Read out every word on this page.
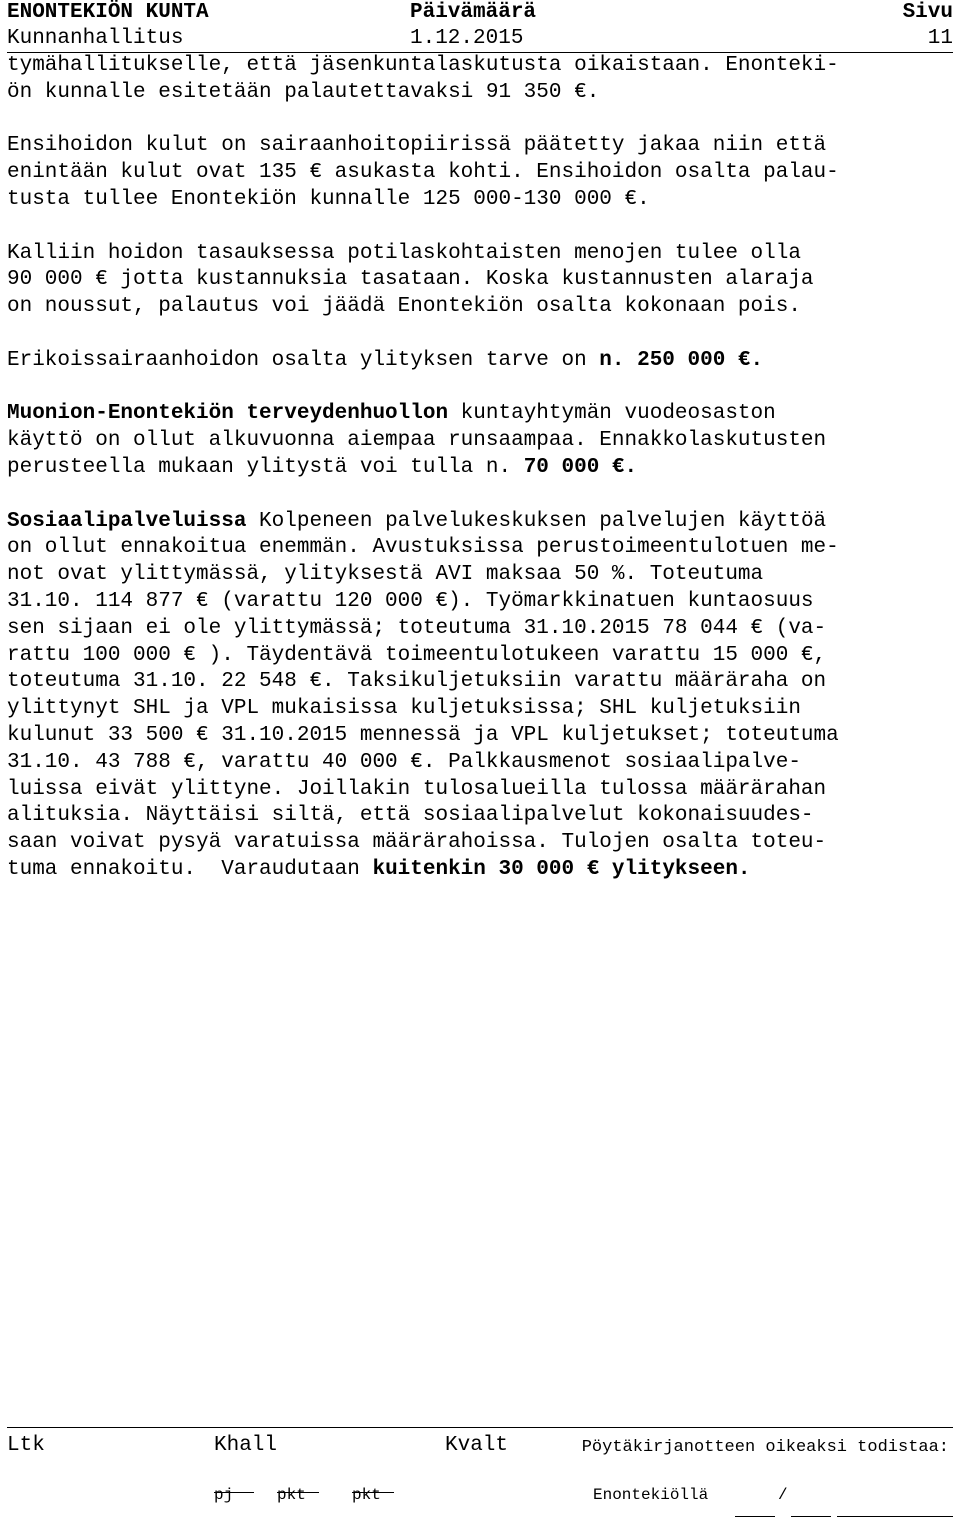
ENONTEKIÖN KUNTA	Päivämäärä	Sivu
Kunnanhallitus	1.12.2015	11
tymähallitukselle, että jäsenkuntalaskutusta oikaistaan. Enonteki-
ön kunnalle esitetään palautettavaksi 91 350 €.
Ensihoidon kulut on sairaanhoitopiirissä päätetty jakaa niin että
enintään kulut ovat 135 € asukasta kohti. Ensihoidon osalta palau-
tusta tullee Enontekiön kunnalle 125 000-130 000 €.
Kalliin hoidon tasauksessa potilaskohtaisten menojen tulee olla
90 000 € jotta kustannuksia tasataan. Koska kustannusten alaraja
on noussut, palautus voi jäädä Enontekiön osalta kokonaan pois.
Erikoissairaanhoidon osalta ylityksen tarve on n. 250 000 €.
Muonion-Enontekiön terveydenhuollon kuntayhtymän vuodeosaston
käyttö on ollut alkuvuonna aiempaa runsaampaa. Ennakkolaskutusten
perusteella mukaan ylitystä voi tulla n. 70 000 €.
Sosiaalipalveluissa Kolpeneen palvelukeskuksen palvelujen käyttöä
on ollut ennakoitua enemmän. Avustuksissa perustoimeentulotuen me-
not ovat ylittymässä, ylityksestä AVI maksaa 50 %. Toteutuma
31.10. 114 877 € (varattu 120 000 €). Työmarkkinatuen kuntaosuus
sen sijaan ei ole ylittymässä; toteutuma 31.10.2015 78 044 € (va-
rattu 100 000 € ). Täydentävä toimeentulotukeen varattu 15 000 €,
toteutuma 31.10. 22 548 €. Taksikuljetuksiin varattu määräraha on
ylittynyt SHL ja VPL mukaisissa kuljetuksissa; SHL kuljetuksiin
kulunut 33 500 € 31.10.2015 mennessä ja VPL kuljetukset; toteutuma
31.10. 43 788 €, varattu 40 000 €. Palkkausmenot sosiaalipalve-
luissa eivät ylittyne. Joillakin tulosalueilla tulossa määrärahan
alituksia. Näyttäisi siltä, että sosiaalipalvelut kokonaisuudes-
saan voivat pysyä varatuissa määrärahoissa. Tulojen osalta toteu-
tuma ennakoitu.  Varaudutaan kuitenkin 30 000 € ylitykseen.
Ltk	Khall	Kvalt	Pöytäkirjanotteen oikeaksi todistaa:
pj	pkt	pkt	Enontekiöllä	/
